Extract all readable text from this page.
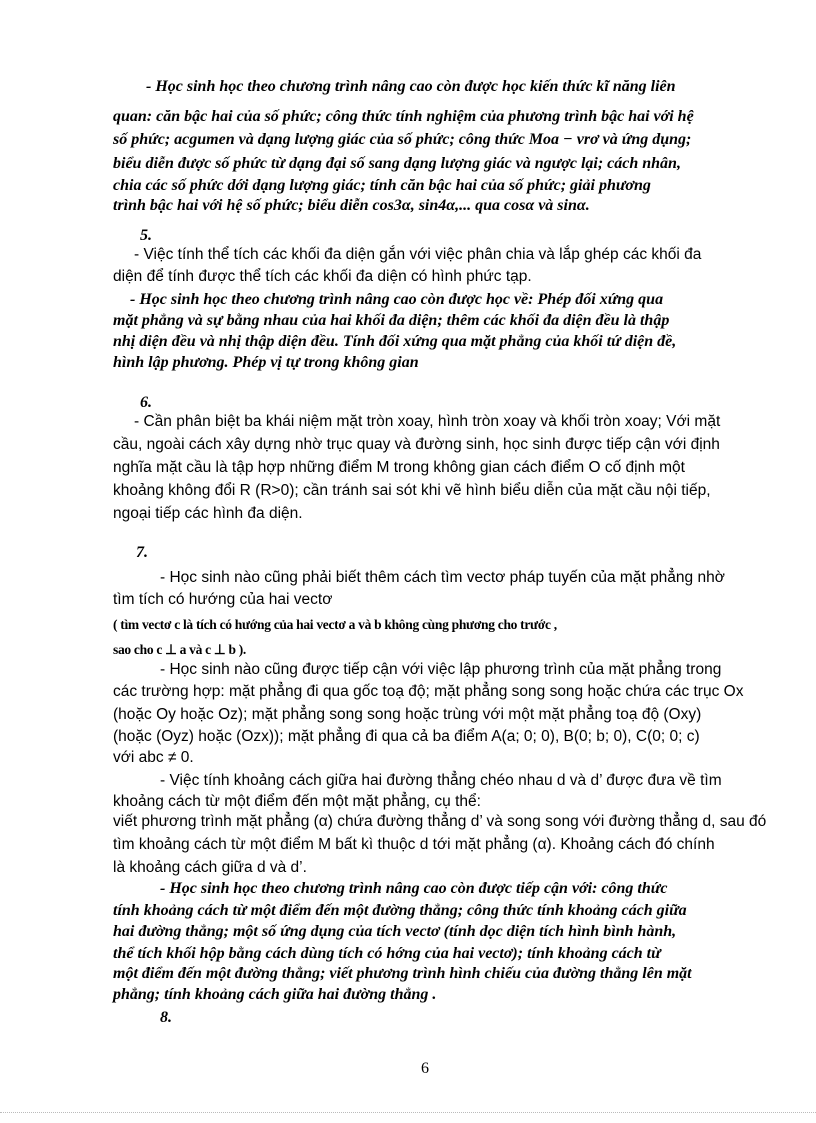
- Học sinh học theo chương trình nâng cao còn được học kiến thức kĩ năng liên
quan: căn bậc hai của số phức; công thức tính nghiệm của phương trình bậc hai với hệ
số phức; acgumen và dạng lượng giác của số phức; công thức Moa − vrơ và ứng dụng;
biểu diễn được số phức từ dạng đại số sang dạng lượng giác và ngược lại; cách nhân,
chia các số phức dới dạng lượng giác; tính căn bậc hai của số phức; giải phương
trình bậc hai với hệ số phức; biểu diễn cos3α, sin4α,... qua cosα và sinα.
5.
- Việc tính thể tích các khối đa diện gắn với việc phân chia và lắp ghép các khối đa
diện để tính được thể tích các khối đa diện có hình phức tạp.
- Học sinh học theo chương trình nâng cao còn được học về: Phép đối xứng qua
mặt phẳng và sự bằng nhau của hai khối đa diện; thêm các khối đa diện đều là thập
nhị diện đều và nhị thập diện đều. Tính đối xứng qua mặt phẳng của khối tứ diện đề,
hình lập phương. Phép vị tự trong không gian
6.
- Cần phân biệt ba khái niệm mặt tròn xoay, hình tròn xoay và khối tròn xoay; Với mặt
cầu, ngoài cách xây dựng nhờ trục quay và đường sinh, học sinh được tiếp cận với định
nghĩa mặt cầu là tập hợp những điểm M trong không gian cách điểm O cố định một
khoảng không đổi R (R>0); cần tránh sai sót khi vẽ hình biểu diễn của mặt cầu nội tiếp,
ngoại tiếp các hình đa diện.
7.
- Học sinh nào cũng phải biết thêm cách tìm vectơ pháp tuyến của mặt phẳng nhờ
tìm tích có hướng của hai vectơ
( tìm vectơ c là tích có hướng của hai vectơ a và b không cùng phương cho trước ,
sao cho c ⊥ a và c ⊥ b ).
- Học sinh nào cũng được tiếp cận với việc lập phương trình của mặt phẳng trong
các trường hợp: mặt phẳng đi qua gốc toạ độ; mặt phẳng song song hoặc chứa các trục Ox
(hoặc Oy hoặc Oz); mặt phẳng song song hoặc trùng với một mặt phẳng toạ độ (Oxy)
(hoặc (Oyz) hoặc (Ozx)); mặt phẳng đi qua cả ba điểm A(a; 0; 0), B(0; b; 0), C(0; 0; c)
với abc ≠ 0.
- Việc tính khoảng cách giữa hai đường thẳng chéo nhau d và d’ được đưa về tìm
khoảng cách từ một điểm đến một mặt phẳng, cụ thể:
viết phương trình mặt phẳng (α) chứa đường thẳng d’ và song song với đường thẳng d, sau đó
tìm khoảng cách từ một điểm M bất kì thuộc d tới mặt phẳng (α). Khoảng cách đó chính
là khoảng cách giữa d và d’.
- Học sinh học theo chương trình nâng cao còn được tiếp cận với: công thức
tính khoảng cách từ một điểm đến một đường thẳng; công thức tính khoảng cách giữa
hai đường thẳng; một số ứng dụng của tích vectơ (tính dọc diện tích hình bình hành,
thể tích khối hộp bằng cách dùng tích có hớng của hai vectơ); tính khoảng cách từ
một điểm đến một đường thẳng; viết phương trình hình chiếu của đường thẳng lên mặt
phẳng; tính khoảng cách giữa hai đường thẳng .
8.
6
